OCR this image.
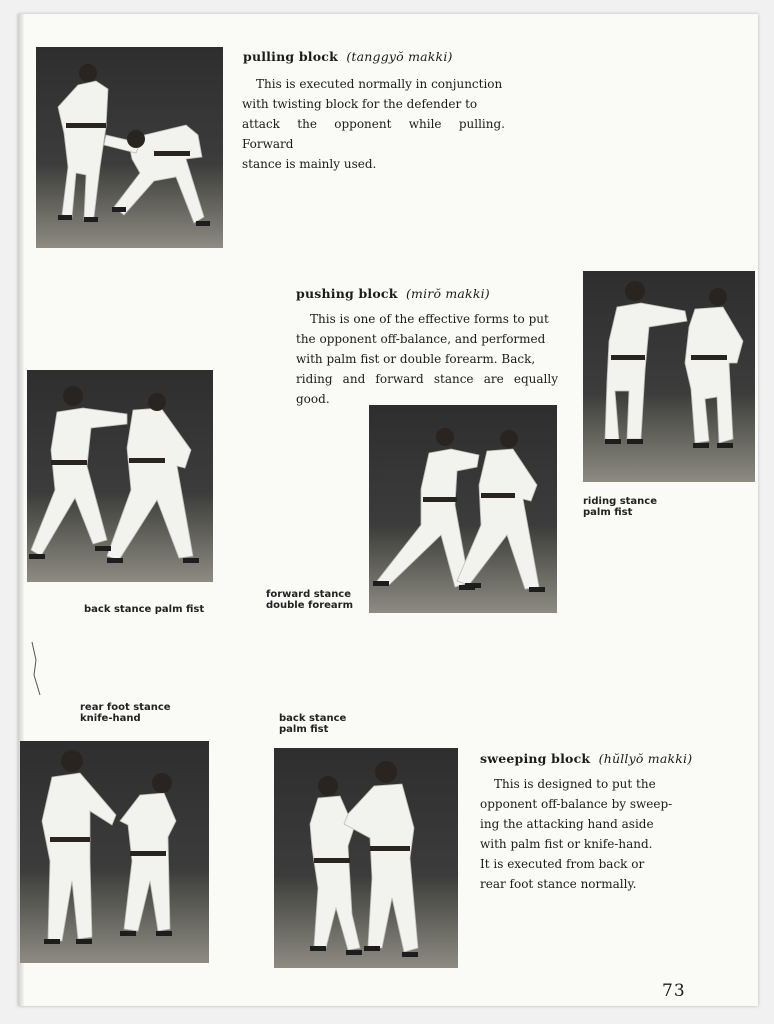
pulling block (tanggyŏ makki)

This is executed normally in conjunction
with twisting block for the defender to
attack the opponent while pulling. Forward
stance is mainly used.

pushing block (mirŏ makki)

This is one of the effective forms to put
the opponent off-balance, and performed
with palm fist or double forearm. Back,
riding and forward stance are equally good.

riding stance
palm fist
back stance palm fist
forward stance
double forearm
rear foot stance
knife-hand	back stance
palm fist
sweeping block (hŭllyŏ makki)

This is designed to put the
opponent off-balance by sweep-
ing the attacking hand aside
with palm fist or knife-hand.
It is executed from back or
rear foot stance normally.

73
